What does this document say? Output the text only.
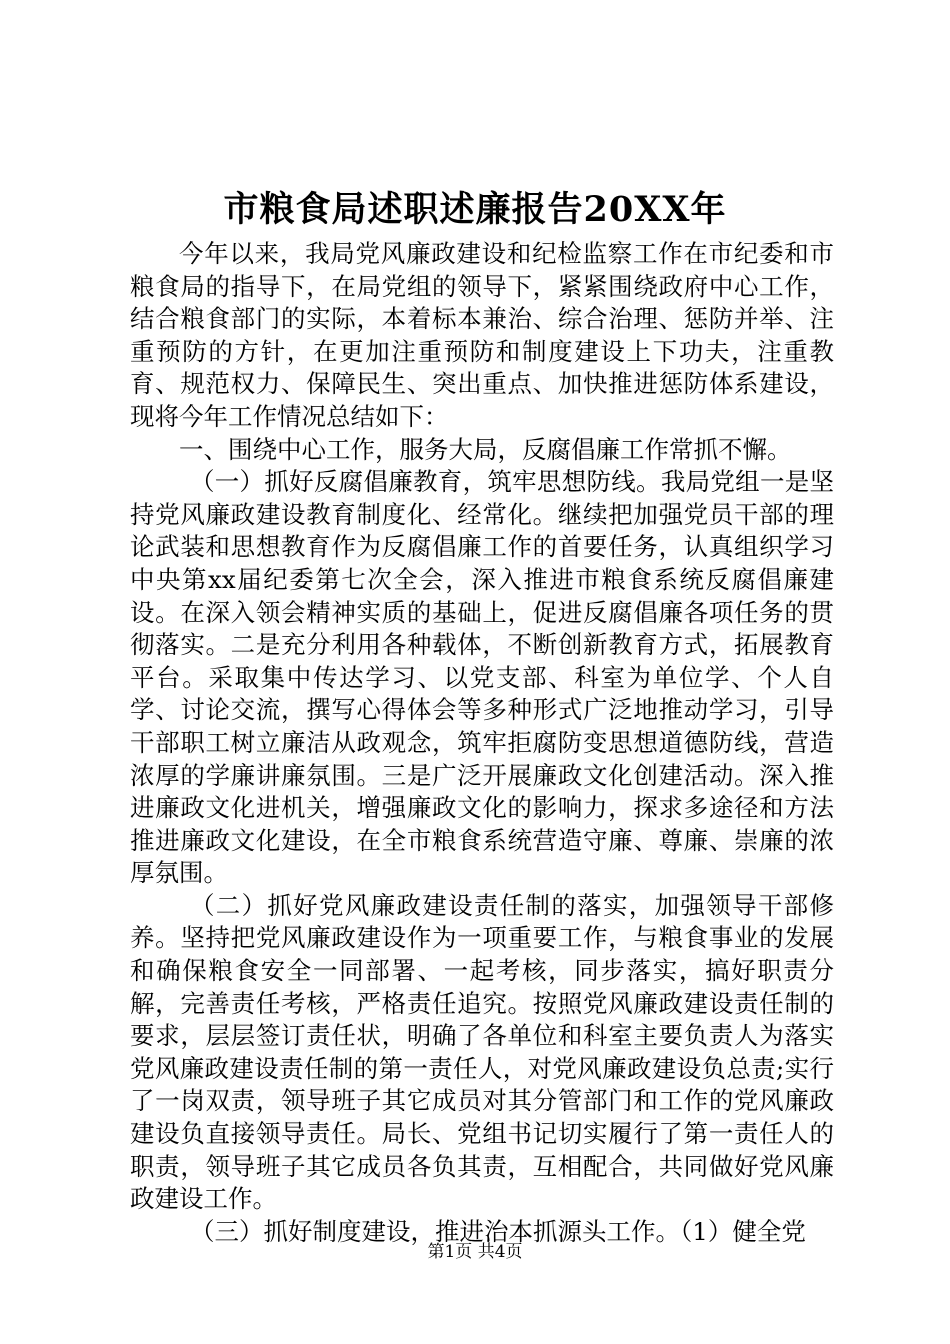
市粮食局述职述廉报告20XX年

今年以来，我局党风廉政建设和纪检监察工作在市纪委和市粮食局的指导下，在局党组的领导下，紧紧围绕政府中心工作，结合粮食部门的实际，本着标本兼治、综合治理、惩防并举、注重预防的方针，在更加注重预防和制度建设上下功夫，注重教育、规范权力、保障民生、突出重点、加快推进惩防体系建设，现将今年工作情况总结如下：

一、围绕中心工作，服务大局，反腐倡廉工作常抓不懈。

（一）抓好反腐倡廉教育，筑牢思想防线。我局党组一是坚持党风廉政建设教育制度化、经常化。继续把加强党员干部的理论武装和思想教育作为反腐倡廉工作的首要任务，认真组织学习中央第xx届纪委第七次全会，深入推进市粮食系统反腐倡廉建设。在深入领会精神实质的基础上，促进反腐倡廉各项任务的贯彻落实。二是充分利用各种载体，不断创新教育方式，拓展教育平台。采取集中传达学习、以党支部、科室为单位学、个人自学、讨论交流，撰写心得体会等多种形式广泛地推动学习，引导干部职工树立廉洁从政观念，筑牢拒腐防变思想道德防线，营造浓厚的学廉讲廉氛围。三是广泛开展廉政文化创建活动。深入推进廉政文化进机关，增强廉政文化的影响力，探求多途径和方法推进廉政文化建设，在全市粮食系统营造守廉、尊廉、崇廉的浓厚氛围。

（二）抓好党风廉政建设责任制的落实，加强领导干部修养。坚持把党风廉政建设作为一项重要工作，与粮食事业的发展和确保粮食安全一同部署、一起考核，同步落实，搞好职责分解，完善责任考核，严格责任追究。按照党风廉政建设责任制的要求，层层签订责任状，明确了各单位和科室主要负责人为落实党风廉政建设责任制的第一责任人，对党风廉政建设负总责;实行了一岗双责，领导班子其它成员对其分管部门和工作的党风廉政建设负直接领导责任。局长、党组书记切实履行了第一责任人的职责，领导班子其它成员各负其责，互相配合，共同做好党风廉政建设工作。

（三）抓好制度建设，推进治本抓源头工作。（1）健全党

第1页 共4页
